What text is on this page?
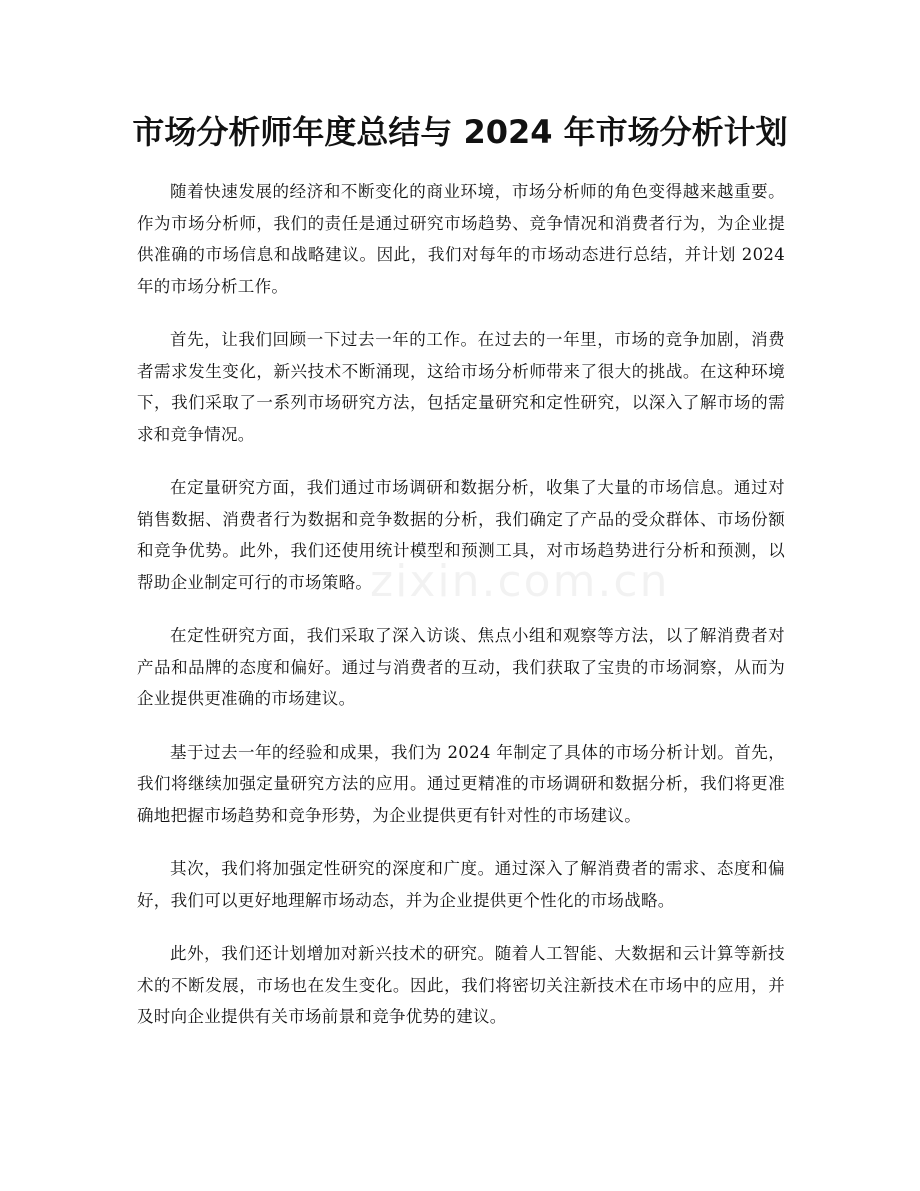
市场分析师年度总结与 2024 年市场分析计划

随着快速发展的经济和不断变化的商业环境，市场分析师的角色变得越来越重要。作为市场分析师，我们的责任是通过研究市场趋势、竞争情况和消费者行为，为企业提供准确的市场信息和战略建议。因此，我们对每年的市场动态进行总结，并计划 2024 年的市场分析工作。

首先，让我们回顾一下过去一年的工作。在过去的一年里，市场的竞争加剧，消费者需求发生变化，新兴技术不断涌现，这给市场分析师带来了很大的挑战。在这种环境下，我们采取了一系列市场研究方法，包括定量研究和定性研究，以深入了解市场的需求和竞争情况。

在定量研究方面，我们通过市场调研和数据分析，收集了大量的市场信息。通过对销售数据、消费者行为数据和竞争数据的分析，我们确定了产品的受众群体、市场份额和竞争优势。此外，我们还使用统计模型和预测工具，对市场趋势进行分析和预测，以帮助企业制定可行的市场策略。

在定性研究方面，我们采取了深入访谈、焦点小组和观察等方法，以了解消费者对产品和品牌的态度和偏好。通过与消费者的互动，我们获取了宝贵的市场洞察，从而为企业提供更准确的市场建议。

基于过去一年的经验和成果，我们为 2024 年制定了具体的市场分析计划。首先，我们将继续加强定量研究方法的应用。通过更精准的市场调研和数据分析，我们将更准确地把握市场趋势和竞争形势，为企业提供更有针对性的市场建议。

其次，我们将加强定性研究的深度和广度。通过深入了解消费者的需求、态度和偏好，我们可以更好地理解市场动态，并为企业提供更个性化的市场战略。

此外，我们还计划增加对新兴技术的研究。随着人工智能、大数据和云计算等新技术的不断发展，市场也在发生变化。因此，我们将密切关注新技术在市场中的应用，并及时向企业提供有关市场前景和竞争优势的建议。

zixin.com.cn
